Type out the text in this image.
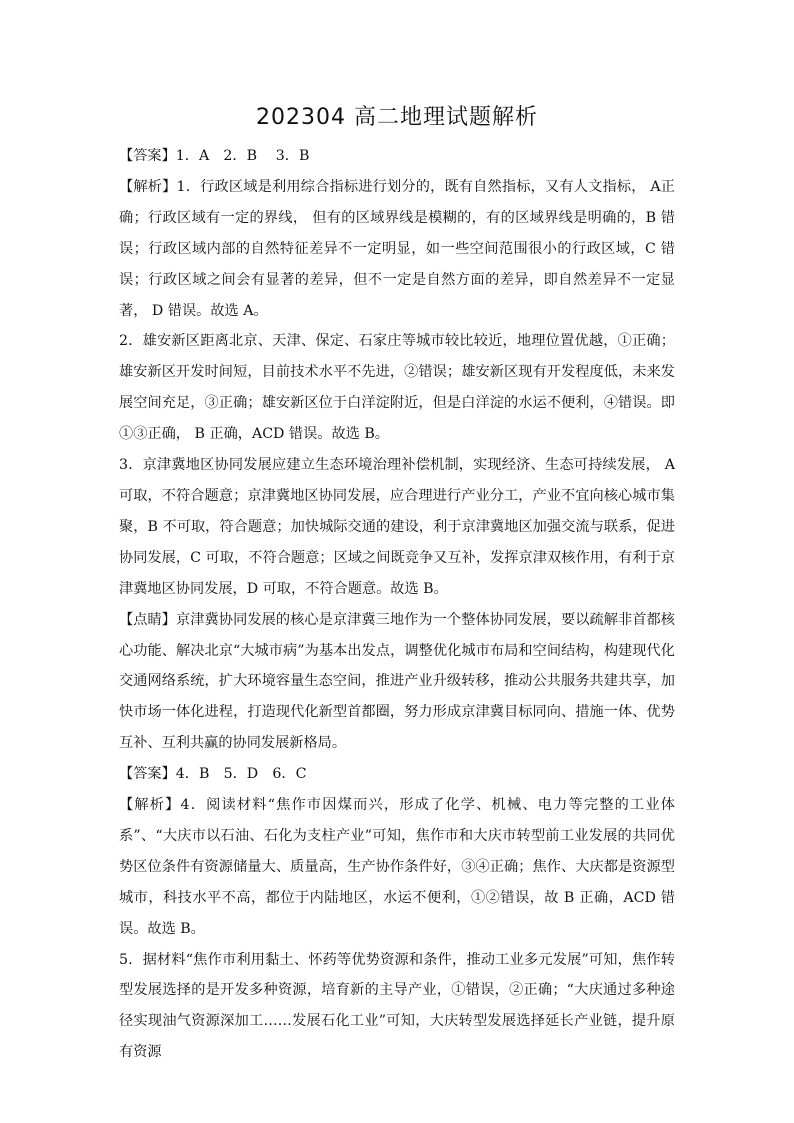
202304 高二地理试题解析

【答案】1．A　2．B　 3．B

【解析】1．行政区域是利用综合指标进行划分的，既有自然指标，又有人文指标， A正确；行政区域有一定的界线， 但有的区域界线是模糊的，有的区域界线是明确的，B 错误；行政区域内部的自然特征差异不一定明显，如一些空间范围很小的行政区域，C 错误；行政区域之间会有显著的差异，但不一定是自然方面的差异，即自然差异不一定显著， D 错误。故选 A。

2．雄安新区距离北京、天津、保定、石家庄等城市较比较近，地理位置优越，①正确；雄安新区开发时间短，目前技术水平不先进，②错误；雄安新区现有开发程度低，未来发展空间充足，③正确；雄安新区位于白洋淀附近，但是白洋淀的水运不便利，④错误。即①③正确， B 正确，ACD 错误。故选 B。

3．京津冀地区协同发展应建立生态环境治理补偿机制，实现经济、生态可持续发展， A 可取，不符合题意；京津冀地区协同发展，应合理进行产业分工，产业不宜向核心城市集聚，B 不可取，符合题意；加快城际交通的建设，利于京津冀地区加强交流与联系，促进协同发展，C 可取，不符合题意；区域之间既竞争又互补，发挥京津双核作用，有利于京津冀地区协同发展，D 可取，不符合题意。故选 B。

【点睛】京津冀协同发展的核心是京津冀三地作为一个整体协同发展，要以疏解非首都核心功能、解决北京“大城市病”为基本出发点，调整优化城市布局和空间结构，构建现代化交通网络系统，扩大环境容量生态空间，推进产业升级转移，推动公共服务共建共享，加快市场一体化进程，打造现代化新型首都圈，努力形成京津冀目标同向、措施一体、优势互补、互利共赢的协同发展新格局。

【答案】4．B　5．D　6．C

【解析】4．阅读材料“焦作市因煤而兴，形成了化学、机械、电力等完整的工业体系”、“大庆市以石油、石化为支柱产业”可知，焦作市和大庆市转型前工业发展的共同优势区位条件有资源储量大、质量高，生产协作条件好，③④正确；焦作、大庆都是资源型城市，科技水平不高，都位于内陆地区，水运不便利，①②错误，故 B 正确，ACD 错误。故选 B。

5．据材料“焦作市利用黏土、怀药等优势资源和条件，推动工业多元发展”可知，焦作转型发展选择的是开发多种资源，培育新的主导产业，①错误，②正确；“大庆通过多种途径实现油气资源深加工……发展石化工业”可知，大庆转型发展选择延长产业链，提升原有资源
